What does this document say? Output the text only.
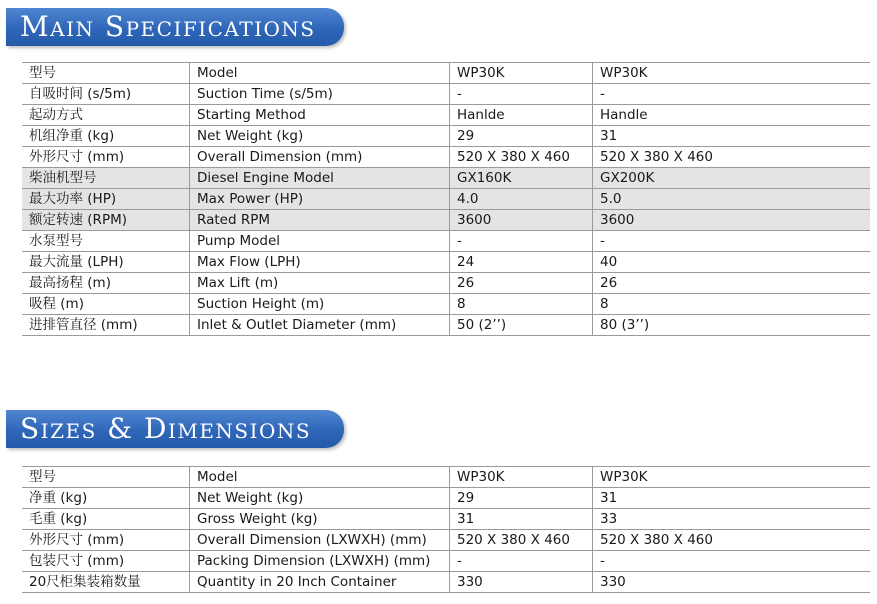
Main Specifications
型号	Model	WP30K	WP30K
自吸时间 (s/5m)	Suction Time (s/5m)	-	-
起动方式	Starting Method	Hanlde	Handle
机组净重 (kg)	Net Weight (kg)	29	31
外形尺寸 (mm)	Overall Dimension (mm)	520 X 380 X 460	520 X 380 X 460
柴油机型号	Diesel Engine Model	GX160K	GX200K
最大功率 (HP)	Max Power (HP)	4.0	5.0
额定转速 (RPM)	Rated RPM	3600	3600
水泵型号	Pump Model	-	-
最大流量 (LPH)	Max Flow (LPH)	24	40
最高扬程 (m)	Max Lift (m)	26	26
吸程 (m)	Suction Height (m)	8	8
进排管直径 (mm)	Inlet & Outlet Diameter (mm)	50 (2’’)	80 (3’’)
Sizes & Dimensions
型号	Model	WP30K	WP30K
净重 (kg)	Net Weight (kg)	29	31
毛重 (kg)	Gross Weight (kg)	31	33
外形尺寸 (mm)	Overall Dimension (LXWXH) (mm)	520 X 380 X 460	520 X 380 X 460
包装尺寸 (mm)	Packing Dimension (LXWXH) (mm)	-	-
20尺柜集装箱数量	Quantity in 20 Inch Container	330	330
